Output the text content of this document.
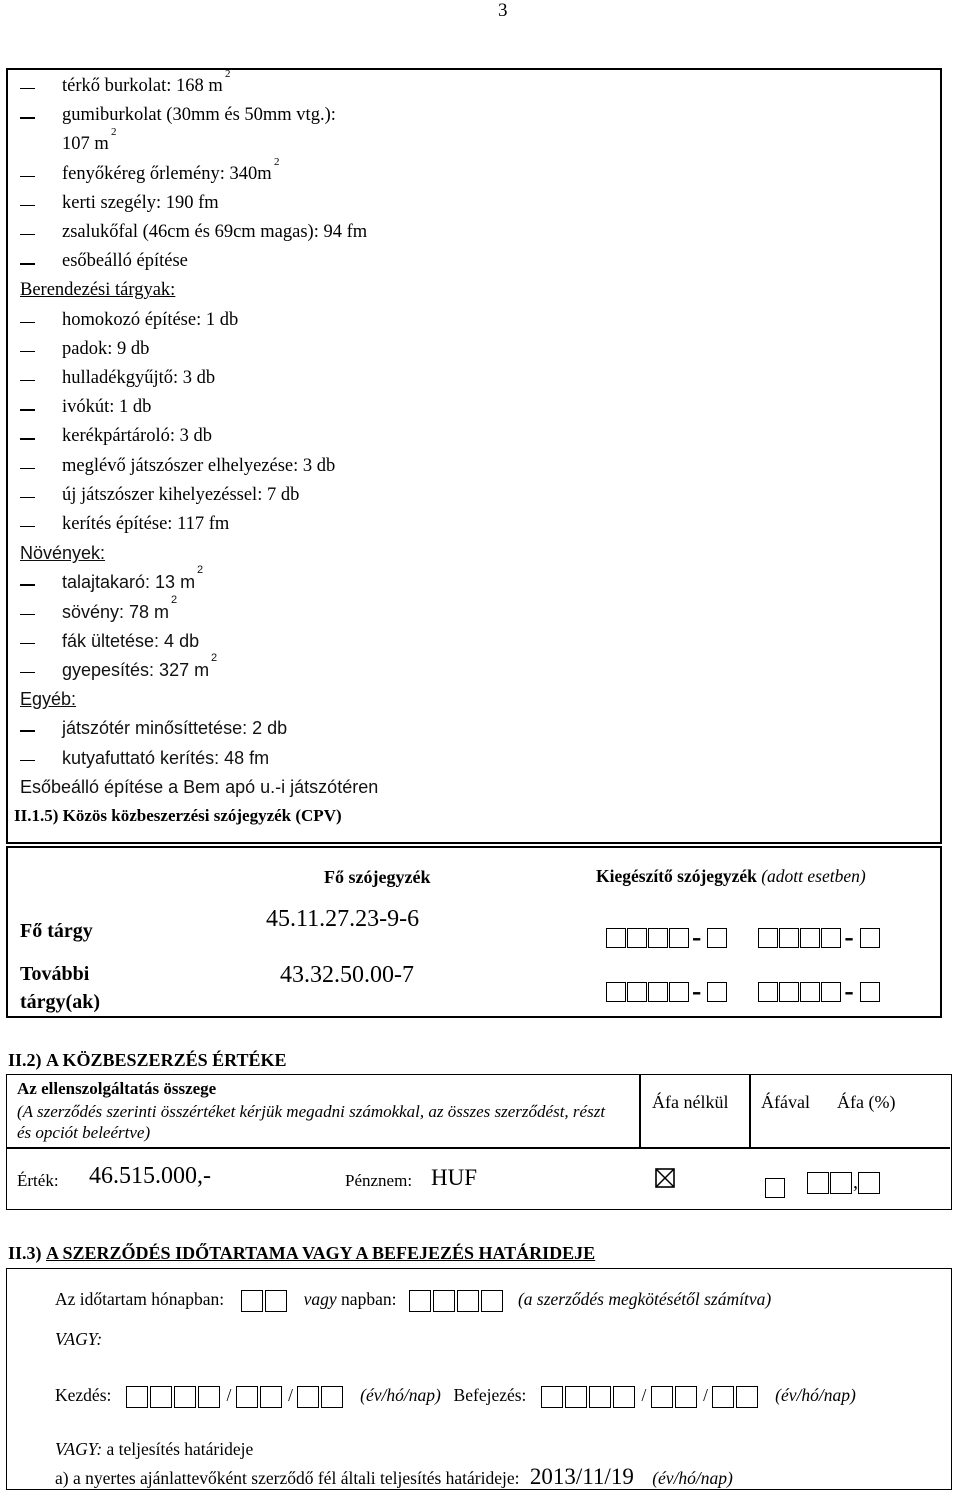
3
térkő burkolat: 168 m
2
gumiburkolat (30mm és 50mm vtg.):
107 m
2
fenyőkéreg őrlemény: 340m
2
kerti szegély: 190 fm
zsalukőfal (46cm és 69cm magas): 94 fm
esőbeálló építése
Berendezési tárgyak:
homokozó építése: 1 db
padok: 9 db
hulladékgyűjtő: 3 db
ivókút: 1 db
kerékpártároló: 3 db
meglévő játszószer elhelyezése: 3 db
új játszószer kihelyezéssel: 7 db
kerítés építése: 117 fm
Növények:
talajtakaró: 13 m
2
sövény: 78 m
2
fák ültetése: 4 db
gyepesítés: 327 m
2
Egyéb:
játszótér minősíttetése: 2 db
kutyafuttató kerítés: 48 fm
Esőbeálló építése a Bem apó u.-i játszótéren
II.1.5) Közös közbeszerzési szójegyzék (CPV)
Fő szójegyzék	Kiegészítő szójegyzék (adott esetben)
Fő tárgy	45.11.27.23-9-6
-	-
További
tárgy(ak)
43.32.50.00-7
-	-
II.2) A KÖZBESZERZÉS ÉRTÉKE
Az ellenszolgáltatás összege
(A szerződés szerinti összértéket kérjük megadni számokkal, az összes szerződést, részt és opciót beleértve)
Áfa nélkül Áfával Áfa (%)
Érték: 46.515.000,-	Pénznem: HUF	,
II.3) A SZERZŐDÉS IDŐTARTAMA VAGY A BEFEJEZÉS HATÁRIDEJE
Az időtartam hónapban:	vagy napban:	(a szerződés megkötésétől számítva)
VAGY:
Kezdés:	/	/	(év/hó/nap) Befejezés:	/	/	(év/hó/nap)
VAGY: a teljesítés határideje
a) a nyertes ajánlattevőként szerződő fél általi teljesítés határideje: 2013/11/19 (év/hó/nap)
